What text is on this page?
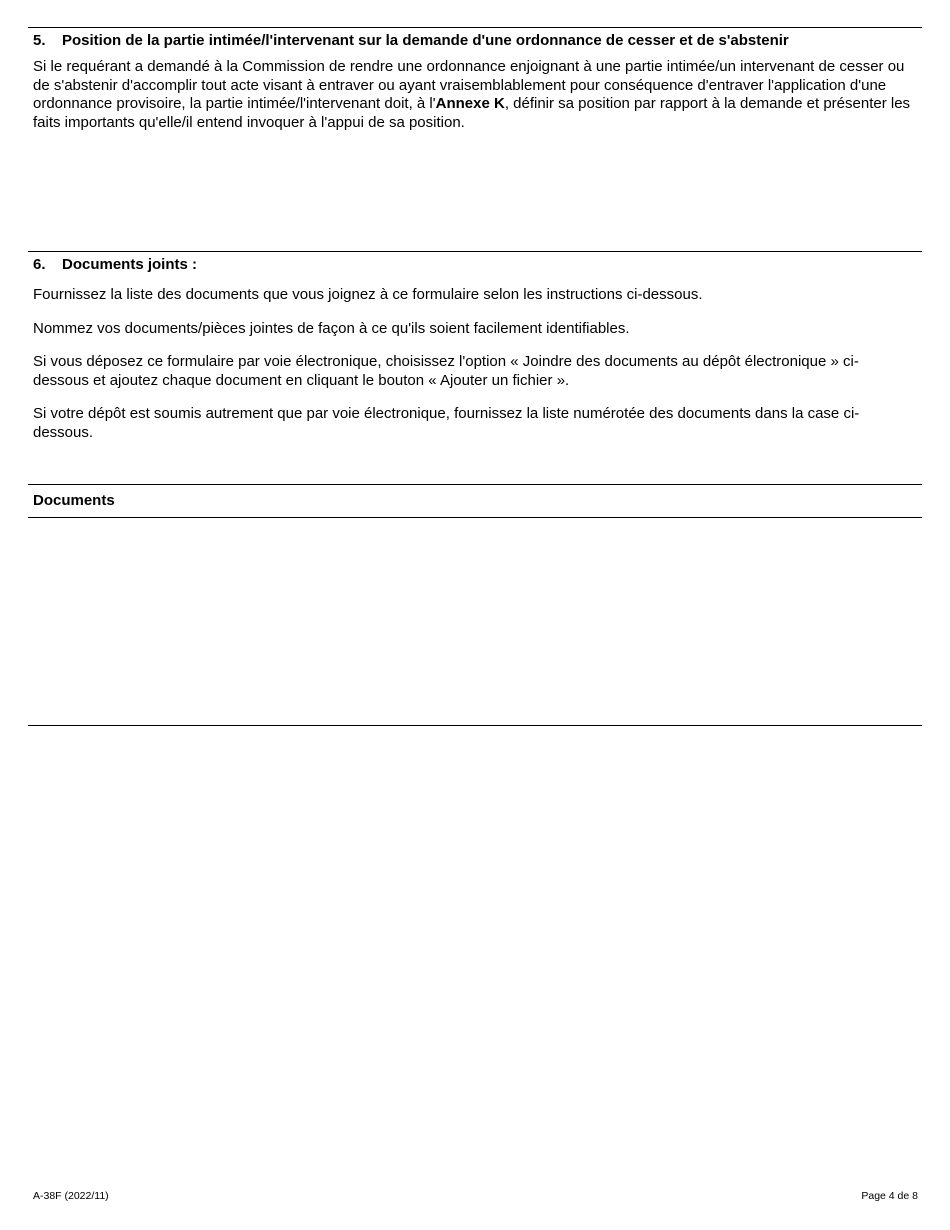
5. Position de la partie intimée/l'intervenant sur la demande d'une ordonnance de cesser et de s'abstenir

Si le requérant a demandé à la Commission de rendre une ordonnance enjoignant à une partie intimée/un intervenant de cesser ou de s'abstenir d'accomplir tout acte visant à entraver ou ayant vraisemblablement pour conséquence d'entraver l'application d'une ordonnance provisoire, la partie intimée/l'intervenant doit, à l'Annexe K, définir sa position par rapport à la demande et présenter les faits importants qu'elle/il entend invoquer à l'appui de sa position.

6. Documents joints :

Fournissez la liste des documents que vous joignez à ce formulaire selon les instructions ci-dessous.

Nommez vos documents/pièces jointes de façon à ce qu'ils soient facilement identifiables.

Si vous déposez ce formulaire par voie électronique, choisissez l'option « Joindre des documents au dépôt électronique » ci-dessous et ajoutez chaque document en cliquant le bouton « Ajouter un fichier ».

Si votre dépôt est soumis autrement que par voie électronique, fournissez la liste numérotée des documents dans la case ci-dessous.

Documents
A-38F (2022/11)	Page 4 de 8
